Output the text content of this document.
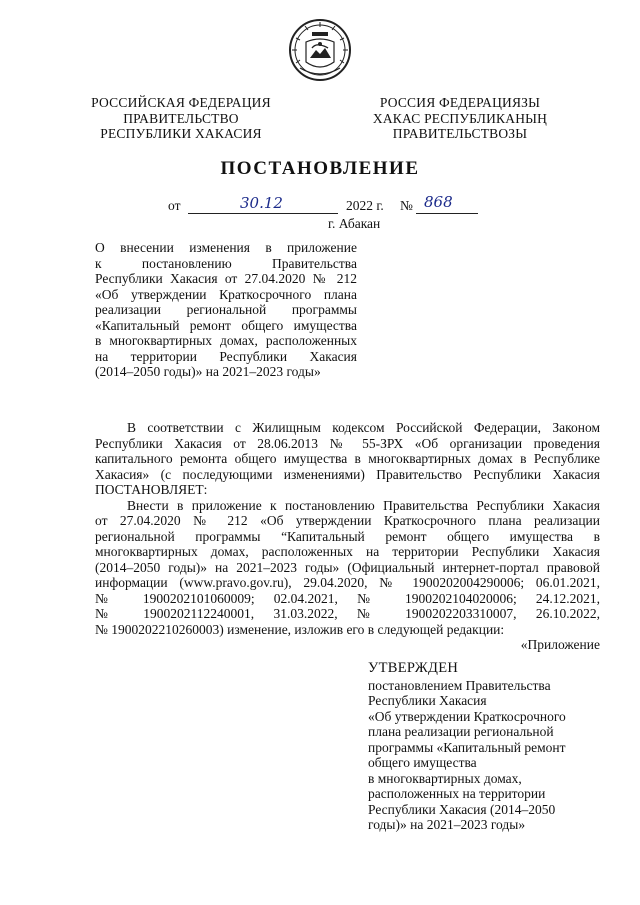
РОССИЙСКАЯ ФЕДЕРАЦИЯ
ПРАВИТЕЛЬСТВО
РЕСПУБЛИКИ ХАКАСИЯ
РОССИЯ ФЕДЕРАЦИЯЗЫ
ХАКАС РЕСПУБЛИКАНЫҢ
ПРАВИТЕЛЬСТВОЗЫ
ПОСТАНОВЛЕНИЕ
от	30.12	2022 г. № 868
г. Абакан
О внесении изменения в приложение
к постановлению Правительства
Республики Хакасия от 27.04.2020 № 212
«Об утверждении Краткосрочного плана
реализации региональной программы
«Капитальный ремонт общего имущества
в многоквартирных домах, расположенных
на территории Республики Хакасия
(2014–2050 годы)» на 2021–2023 годы»
В соответствии с Жилищным кодексом Российской Федерации, Законом
Республики Хакасия от 28.06.2013 № 55-ЗРХ «Об организации проведения
капитального ремонта общего имущества в многоквартирных домах в Республике
Хакасия» (с последующими изменениями) Правительство Республики Хакасия
ПОСТАНОВЛЯЕТ:
Внести в приложение к постановлению Правительства Республики Хакасия
от 27.04.2020 № 212 «Об утверждении Краткосрочного плана реализации
региональной программы “Капитальный ремонт общего имущества в
многоквартирных домах, расположенных на территории Республики Хакасия
(2014–2050 годы)» на 2021–2023 годы» (Официальный интернет-портал правовой
информации (www.pravo.gov.ru), 29.04.2020, № 1900202004290006; 06.01.2021,
№ 1900202101060009; 02.04.2021, № 1900202104020006; 24.12.2021,
№ 1900202112240001, 31.03.2022, № 1900202203310007, 26.10.2022,
№ 1900202210260003) изменение, изложив его в следующей редакции:
«Приложение
УТВЕРЖДЕН
постановлением Правительства
Республики Хакасия
«Об утверждении Краткосрочного
плана реализации региональной
программы «Капитальный ремонт
общего имущества
в многоквартирных домах,
расположенных на территории
Республики Хакасия (2014–2050
годы)» на 2021–2023 годы»
